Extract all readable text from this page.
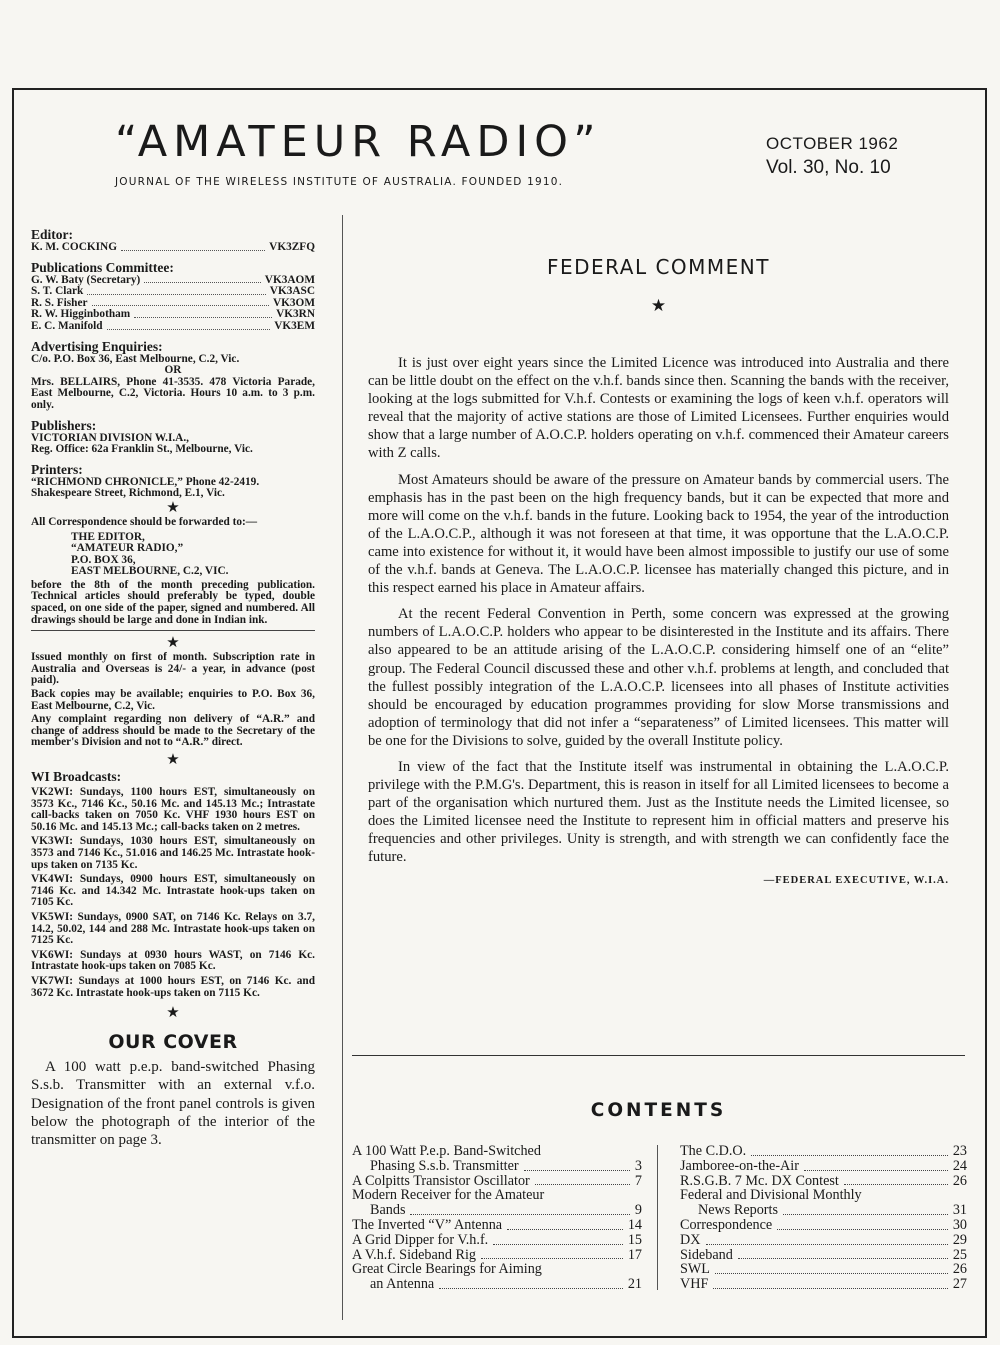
“AMATEUR RADIO”
JOURNAL OF THE WIRELESS INSTITUTE OF AUSTRALIA. FOUNDED 1910.
OCTOBER 1962
Vol. 30, No. 10
Editor:
K. M. COCKING	VK3ZFQ
Publications Committee:
G. W. Baty (Secretary)	VK3AOM
S. T. Clark	VK3ASC
R. S. Fisher	VK3OM
R. W. Higginbotham	VK3RN
E. C. Manifold	VK3EM
Advertising Enquiries:
C/o. P.O. Box 36, East Melbourne, C.2, Vic.
OR
Mrs. BELLAIRS, Phone 41-3535. 478 Victoria Parade, East Melbourne, C.2, Victoria. Hours 10 a.m. to 3 p.m. only.
Publishers:
VICTORIAN DIVISION W.I.A.,
Reg. Office: 62a Franklin St., Melbourne, Vic.
Printers:
“RICHMOND CHRONICLE,” Phone 42-2419.
Shakespeare Street, Richmond, E.1, Vic.
★
All Correspondence should be forwarded to:—
THE EDITOR,
“AMATEUR RADIO,”
P.O. BOX 36,
EAST MELBOURNE, C.2, VIC.
before the 8th of the month preceding publication. Technical articles should preferably be typed, double spaced, on one side of the paper, signed and numbered. All drawings should be large and done in Indian ink.
★
Issued monthly on first of month. Subscription rate in Australia and Overseas is 24/- a year, in advance (post paid).
Back copies may be available; enquiries to P.O. Box 36, East Melbourne, C.2, Vic.
Any complaint regarding non delivery of “A.R.” and change of address should be made to the Secretary of the member's Division and not to “A.R.” direct.
★
WI Broadcasts:
VK2WI: Sundays, 1100 hours EST, simultaneously on 3573 Kc., 7146 Kc., 50.16 Mc. and 145.13 Mc.; Intrastate call-backs taken on 7050 Kc. VHF 1930 hours EST on 50.16 Mc. and 145.13 Mc.; call-backs taken on 2 metres.
VK3WI: Sundays, 1030 hours EST, simultaneously on 3573 and 7146 Kc., 51.016 and 146.25 Mc. Intrastate hook-ups taken on 7135 Kc.
VK4WI: Sundays, 0900 hours EST, simultaneously on 7146 Kc. and 14.342 Mc. Intrastate hook-ups taken on 7105 Kc.
VK5WI: Sundays, 0900 SAT, on 7146 Kc. Relays on 3.7, 14.2, 50.02, 144 and 288 Mc. Intrastate hook-ups taken on 7125 Kc.
VK6WI: Sundays at 0930 hours WAST, on 7146 Kc. Intrastate hook-ups taken on 7085 Kc.
VK7WI: Sundays at 1000 hours EST, on 7146 Kc. and 3672 Kc. Intrastate hook-ups taken on 7115 Kc.
★
OUR COVER
A 100 watt p.e.p. band-switched Phasing S.s.b. Transmitter with an external v.f.o. Designation of the front panel controls is given below the photograph of the interior of the transmitter on page 3.
FEDERAL COMMENT
★

It is just over eight years since the Limited Licence was introduced into Australia and there can be little doubt on the effect on the v.h.f. bands since then. Scanning the bands with the receiver, looking at the logs submitted for V.h.f. Contests or examining the logs of keen v.h.f. operators will reveal that the majority of active stations are those of Limited Licensees. Further enquiries would show that a large number of A.O.C.P. holders operating on v.h.f. commenced their Amateur careers with Z calls.

Most Amateurs should be aware of the pressure on Amateur bands by commercial users. The emphasis has in the past been on the high frequency bands, but it can be expected that more and more will come on the v.h.f. bands in the future. Looking back to 1954, the year of the introduction of the L.A.O.C.P., although it was not foreseen at that time, it was opportune that the L.A.O.C.P. came into existence for without it, it would have been almost impossible to justify our use of some of the v.h.f. bands at Geneva. The L.A.O.C.P. licensee has materially changed this picture, and in this respect earned his place in Amateur affairs.

At the recent Federal Convention in Perth, some concern was expressed at the growing numbers of L.A.O.C.P. holders who appear to be disinterested in the Institute and its affairs. There also appeared to be an attitude arising of the L.A.O.C.P. considering himself one of an “elite” group. The Federal Council discussed these and other v.h.f. problems at length, and concluded that the fullest possibly integration of the L.A.O.C.P. licensees into all phases of Institute activities should be encouraged by education programmes providing for slow Morse transmissions and adoption of terminology that did not infer a “separateness” of Limited licensees. This matter will be one for the Divisions to solve, guided by the overall Institute policy.

In view of the fact that the Institute itself was instrumental in obtaining the L.A.O.C.P. privilege with the P.M.G's. Department, this is reason in itself for all Limited licensees to become a part of the organisation which nurtured them. Just as the Institute needs the Limited licensee, so does the Limited licensee need the Institute to represent him in official matters and preserve his frequencies and other privileges. Unity is strength, and with strength we can confidently face the future.

—FEDERAL EXECUTIVE, W.I.A.
CONTENTS
A 100 Watt P.e.p. Band-Switched
Phasing S.s.b. Transmitter	3
A Colpitts Transistor Oscillator	7
Modern Receiver for the Amateur
Bands	9
The Inverted “V” Antenna	14
A Grid Dipper for V.h.f.	15
A V.h.f. Sideband Rig	17
Great Circle Bearings for Aiming
an Antenna	21
The C.D.O.	23
Jamboree-on-the-Air	24
R.S.G.B. 7 Mc. DX Contest	26
Federal and Divisional Monthly
News Reports	31
Correspondence	30
DX	29
Sideband	25
SWL	26
VHF	27
